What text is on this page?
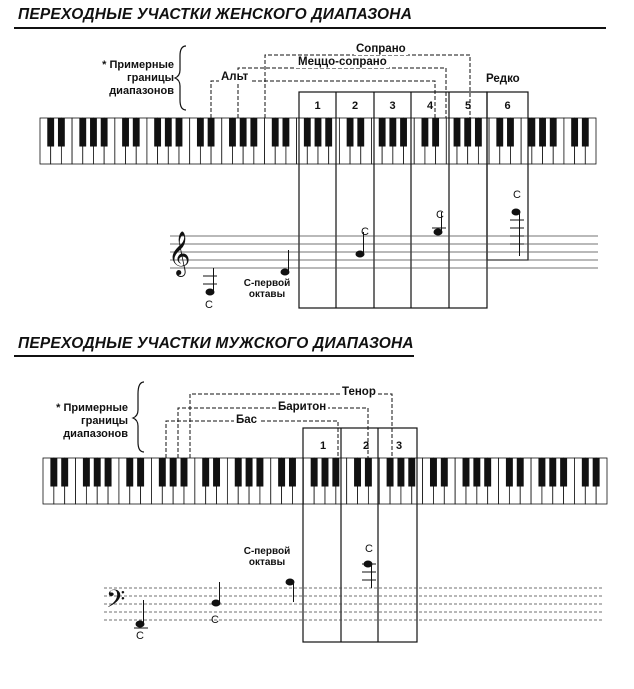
ПЕРЕХОДНЫЕ УЧАСТКИ ЖЕНСКОГО ДИАПАЗОНА
* Примерные
границы
диапазонов
ПЕРЕХОДНЫЕ УЧАСТКИ МУЖСКОГО ДИАПАЗОНА
* Примерные
границы
диапазонов
𝄞
𝄢
Сопрано
Меццо-сопрано
Альт	Редко
1	2	3	4	5	6
C
C
C
C
C-первой
октавы
Тенор
Баритон
Бас
1	2	3
C
C
C
C-первой
октавы
